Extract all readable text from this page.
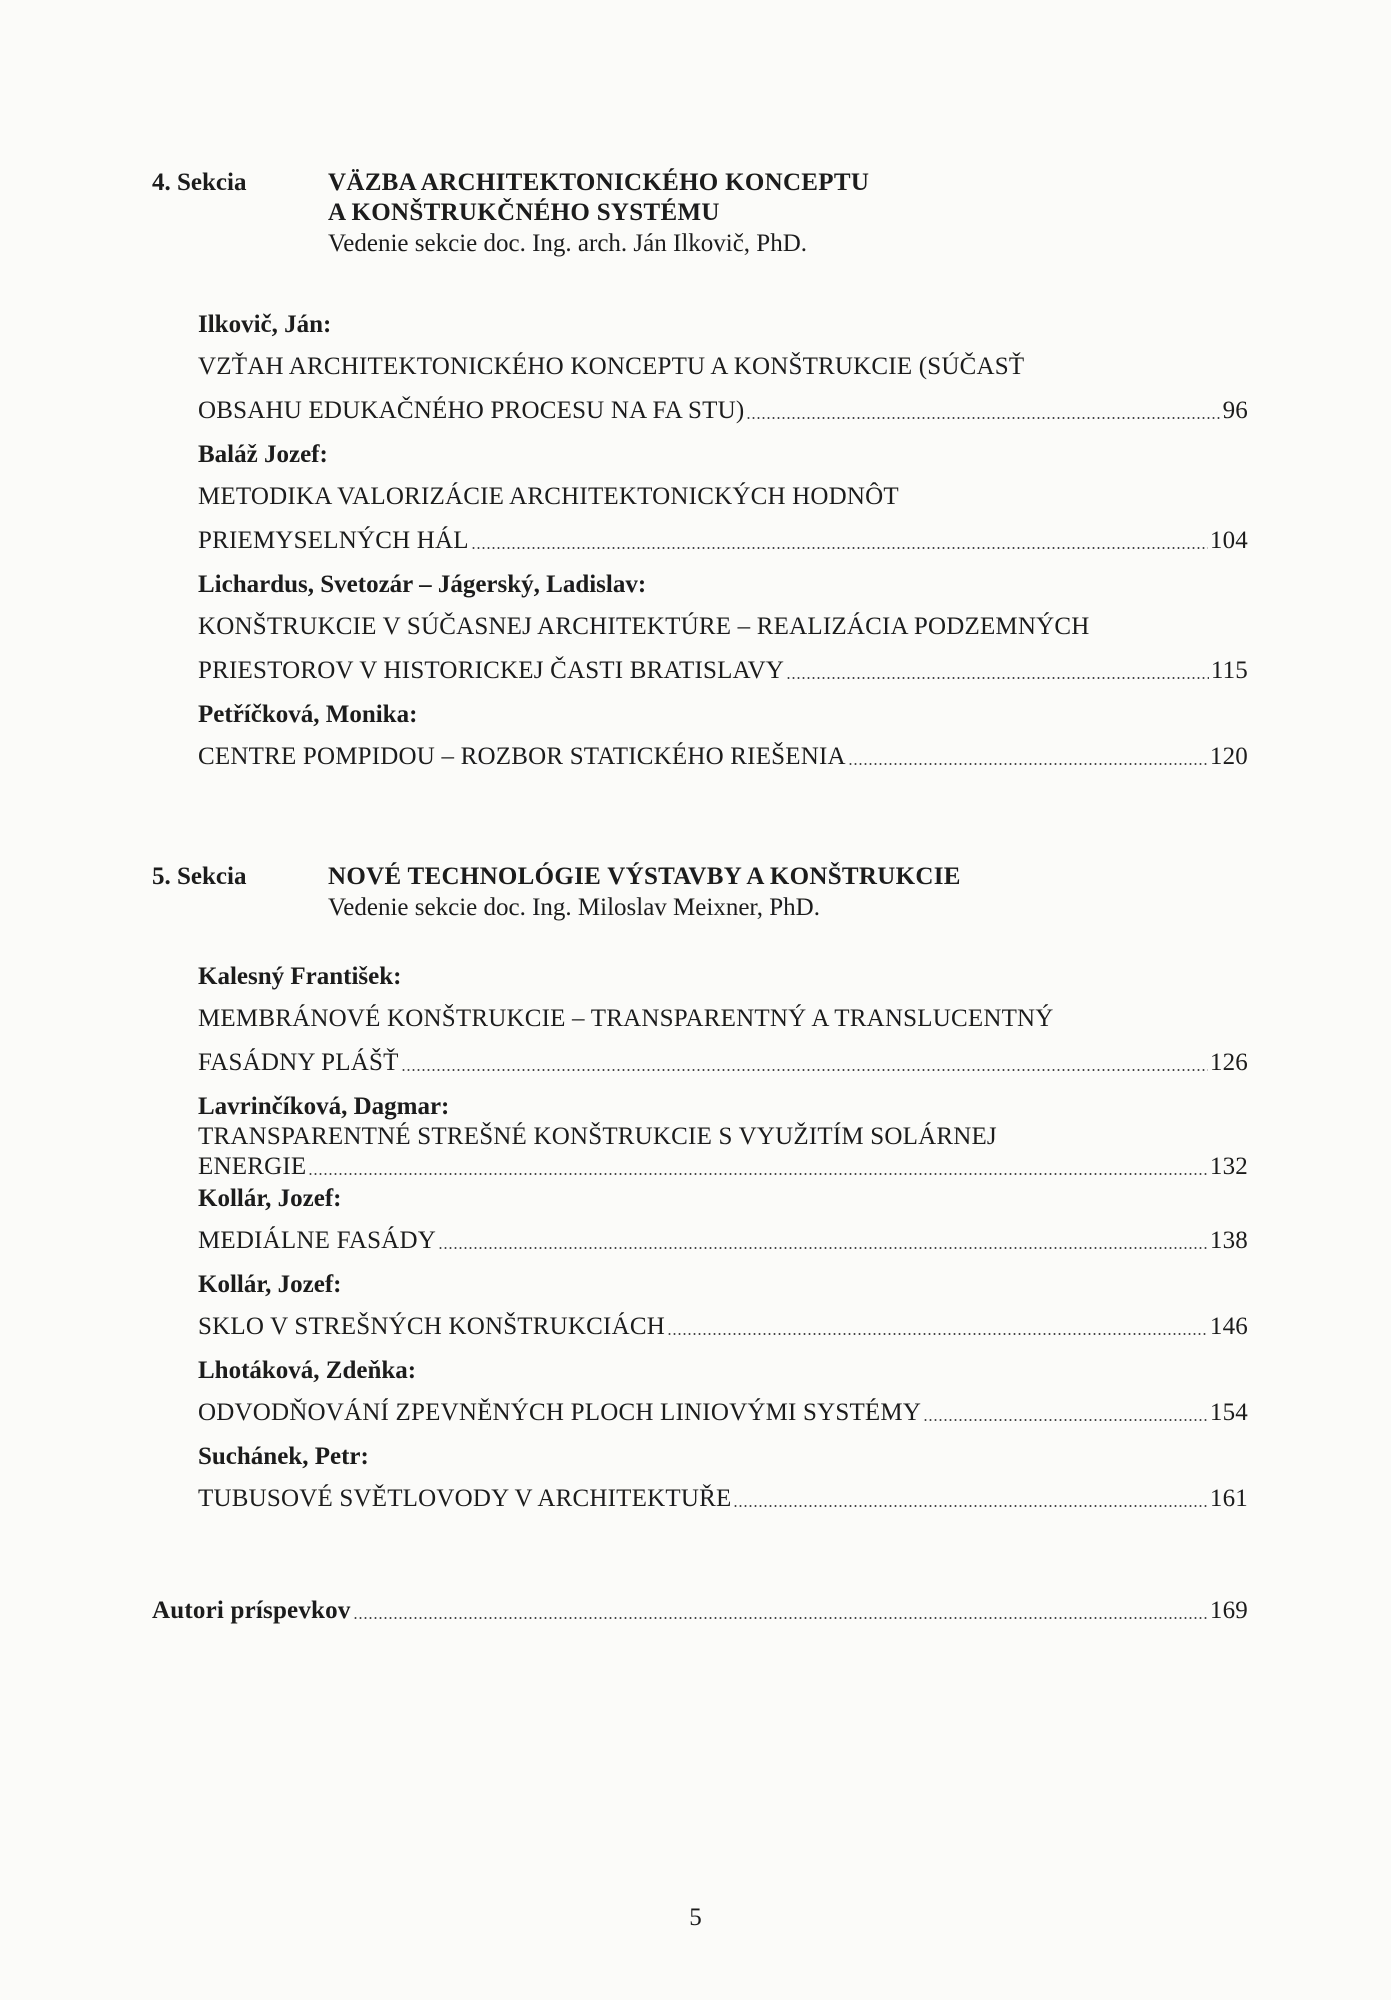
4. Sekcia	VÄZBA ARCHITEKTONICKÉHO KONCEPTU
A KONŠTRUKČNÉHO SYSTÉMU
Vedenie sekcie doc. Ing. arch. Ján Ilkovič, PhD.
Ilkovič, Ján:
VZŤAH ARCHITEKTONICKÉHO KONCEPTU A KONŠTRUKCIE (SÚČASŤ
OBSAHU EDUKAČNÉHO PROCESU NA FA STU)	96
Baláž Jozef:
METODIKA VALORIZÁCIE ARCHITEKTONICKÝCH HODNÔT
PRIEMYSELNÝCH HÁL	104
Lichardus, Svetozár – Jágerský, Ladislav:
KONŠTRUKCIE V SÚČASNEJ ARCHITEKTÚRE – REALIZÁCIA PODZEMNÝCH
PRIESTOROV V HISTORICKEJ ČASTI BRATISLAVY	115
Petříčková, Monika:
CENTRE POMPIDOU – ROZBOR STATICKÉHO RIEŠENIA	120
5. Sekcia	NOVÉ TECHNOLÓGIE VÝSTAVBY A KONŠTRUKCIE
Vedenie sekcie doc. Ing. Miloslav Meixner, PhD.
Kalesný František:
MEMBRÁNOVÉ KONŠTRUKCIE – TRANSPARENTNÝ A TRANSLUCENTNÝ
FASÁDNY PLÁŠŤ	126
Lavrinčíková, Dagmar:
TRANSPARENTNÉ STREŠNÉ KONŠTRUKCIE S VYUŽITÍM SOLÁRNEJ
ENERGIE	132
Kollár, Jozef:
MEDIÁLNE FASÁDY	138
Kollár, Jozef:
SKLO V STREŠNÝCH KONŠTRUKCIÁCH	146
Lhotáková, Zdeňka:
ODVODŇOVÁNÍ ZPEVNĚNÝCH PLOCH LINIOVÝMI SYSTÉMY	154
Suchánek, Petr:
TUBUSOVÉ SVĚTLOVODY V ARCHITEKTUŘE	161
Autori príspevkov	169
5
